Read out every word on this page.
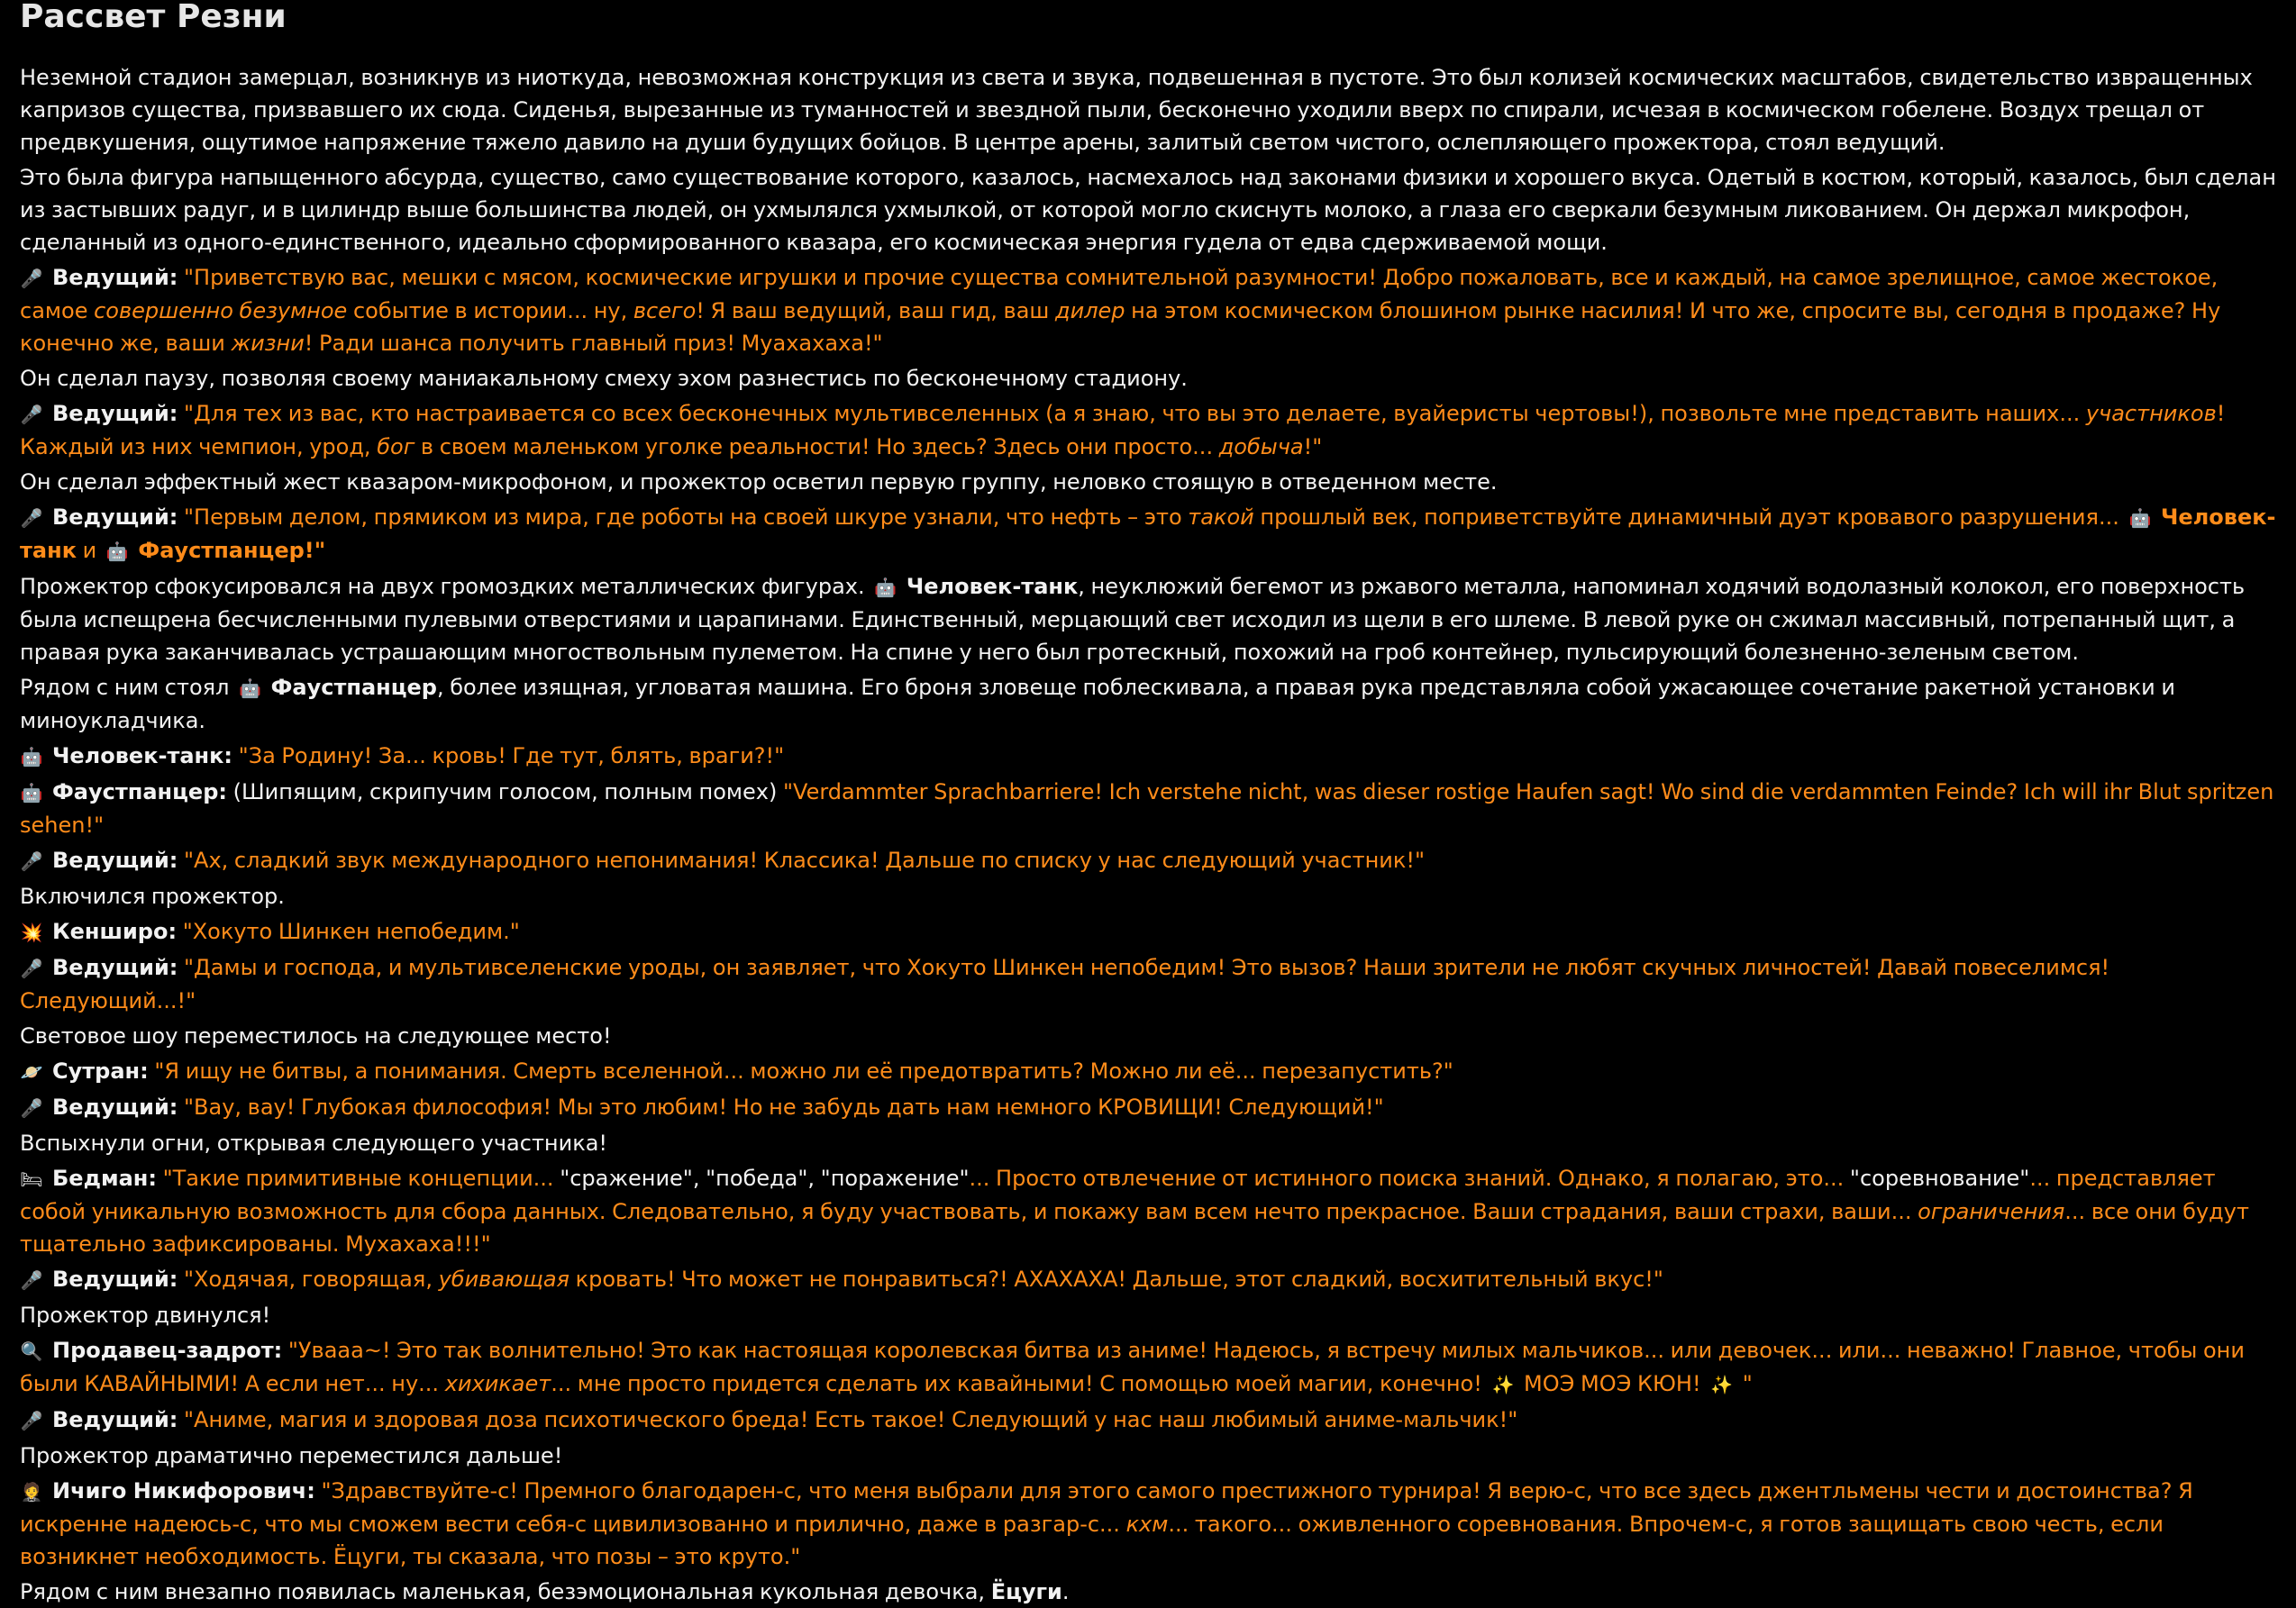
Рассвет Резни

Неземной стадион замерцал, возникнув из ниоткуда, невозможная конструкция из света и звука, подвешенная в пустоте. Это был колизей космических масштабов, свидетельство извращенных капризов существа, призвавшего их сюда. Сиденья, вырезанные из туманностей и звездной пыли, бесконечно уходили вверх по спирали, исчезая в космическом гобелене. Воздух трещал от предвкушения, ощутимое напряжение тяжело давило на души будущих бойцов. В центре арены, залитый светом чистого, ослепляющего прожектора, стоял ведущий.

Это была фигура напыщенного абсурда, существо, само существование которого, казалось, насмехалось над законами физики и хорошего вкуса. Одетый в костюм, который, казалось, был сделан из застывших радуг, и в цилиндр выше большинства людей, он ухмылялся ухмылкой, от которой могло скиснуть молоко, а глаза его сверкали безумным ликованием. Он держал микрофон, сделанный из одного-единственного, идеально сформированного квазара, его космическая энергия гудела от едва сдерживаемой мощи.

🎤 Ведущий: "Приветствую вас, мешки с мясом, космические игрушки и прочие существа сомнительной разумности! Добро пожаловать, все и каждый, на самое зрелищное, самое жестокое, самое совершенно безумное событие в истории... ну, всего! Я ваш ведущий, ваш гид, ваш дилер на этом космическом блошином рынке насилия! И что же, спросите вы, сегодня в продаже? Ну конечно же, ваши жизни! Ради шанса получить главный приз! Муахахаха!"

Он сделал паузу, позволяя своему маниакальному смеху эхом разнестись по бесконечному стадиону.

🎤 Ведущий: "Для тех из вас, кто настраивается со всех бесконечных мультивселенных (а я знаю, что вы это делаете, вуайеристы чертовы!), позвольте мне представить наших... участников! Каждый из них чемпион, урод, бог в своем маленьком уголке реальности! Но здесь? Здесь они просто... добыча!"

Он сделал эффектный жест квазаром-микрофоном, и прожектор осветил первую группу, неловко стоящую в отведенном месте.

🎤 Ведущий: "Первым делом, прямиком из мира, где роботы на своей шкуре узнали, что нефть – это такой прошлый век, поприветствуйте динамичный дуэт кровавого разрушения... 🤖 Человек-танк и 🤖 Фаустпанцер!"

Прожектор сфокусировался на двух громоздких металлических фигурах. 🤖 Человек-танк, неуклюжий бегемот из ржавого металла, напоминал ходячий водолазный колокол, его поверхность была испещрена бесчисленными пулевыми отверстиями и царапинами. Единственный, мерцающий свет исходил из щели в его шлеме. В левой руке он сжимал массивный, потрепанный щит, а правая рука заканчивалась устрашающим многоствольным пулеметом. На спине у него был гротескный, похожий на гроб контейнер, пульсирующий болезненно-зеленым светом.

Рядом с ним стоял 🤖 Фаустпанцер, более изящная, угловатая машина. Его броня зловеще поблескивала, а правая рука представляла собой ужасающее сочетание ракетной установки и миноукладчика.

🤖 Человек-танк: "За Родину! За... кровь! Где тут, блять, враги?!"

🤖 Фаустпанцер: (Шипящим, скрипучим голосом, полным помех) "Verdammter Sprachbarriere! Ich verstehe nicht, was dieser rostige Haufen sagt! Wo sind die verdammten Feinde? Ich will ihr Blut spritzen sehen!"

🎤 Ведущий: "Ах, сладкий звук международного непонимания! Классика! Дальше по списку у нас следующий участник!"

Включился прожектор.

💥 Кенширо: "Хокуто Шинкен непобедим."

🎤 Ведущий: "Дамы и господа, и мультивселенские уроды, он заявляет, что Хокуто Шинкен непобедим! Это вызов? Наши зрители не любят скучных личностей! Давай повеселимся! Следующий...!"

Световое шоу переместилось на следующее место!

🪐 Сутран: "Я ищу не битвы, а понимания. Смерть вселенной... можно ли её предотвратить? Можно ли её... перезапустить?"

🎤 Ведущий: "Вау, вау! Глубокая философия! Мы это любим! Но не забудь дать нам немного КРОВИЩИ! Следующий!"

Вспыхнули огни, открывая следующего участника!

🛏 Бедман: "Такие примитивные концепции... "сражение", "победа", "поражение"... Просто отвлечение от истинного поиска знаний. Однако, я полагаю, это... "соревнование"... представляет собой уникальную возможность для сбора данных. Следовательно, я буду участвовать, и покажу вам всем нечто прекрасное. Ваши страдания, ваши страхи, ваши... ограничения... все они будут тщательно зафиксированы. Мухахаха!!!"

🎤 Ведущий: "Ходячая, говорящая, убивающая кровать! Что может не понравиться?! АХАХАХА! Дальше, этот сладкий, восхитительный вкус!"

Прожектор двинулся!

🔍 Продавец-задрот: "Увааа~! Это так волнительно! Это как настоящая королевская битва из аниме! Надеюсь, я встречу милых мальчиков... или девочек... или... неважно! Главное, чтобы они были КАВАЙНЫМИ! А если нет... ну... хихикает... мне просто придется сделать их кавайными! С помощью моей магии, конечно! ✨ МОЭ МОЭ КЮН! ✨ "

🎤 Ведущий: "Аниме, магия и здоровая доза психотического бреда! Есть такое! Следующий у нас наш любимый аниме-мальчик!"

Прожектор драматично переместился дальше!

🤵 Ичиго Никифорович: "Здравствуйте-с! Премного благодарен-с, что меня выбрали для этого самого престижного турнира! Я верю-с, что все здесь джентльмены чести и достоинства? Я искренне надеюсь-с, что мы сможем вести себя-с цивилизованно и прилично, даже в разгар-с... кхм... такого... оживленного соревнования. Впрочем-с, я готов защищать свою честь, если возникнет необходимость. Ёцуги, ты сказала, что позы – это круто."

Рядом с ним внезапно появилась маленькая, безэмоциональная кукольная девочка, Ёцуги.
